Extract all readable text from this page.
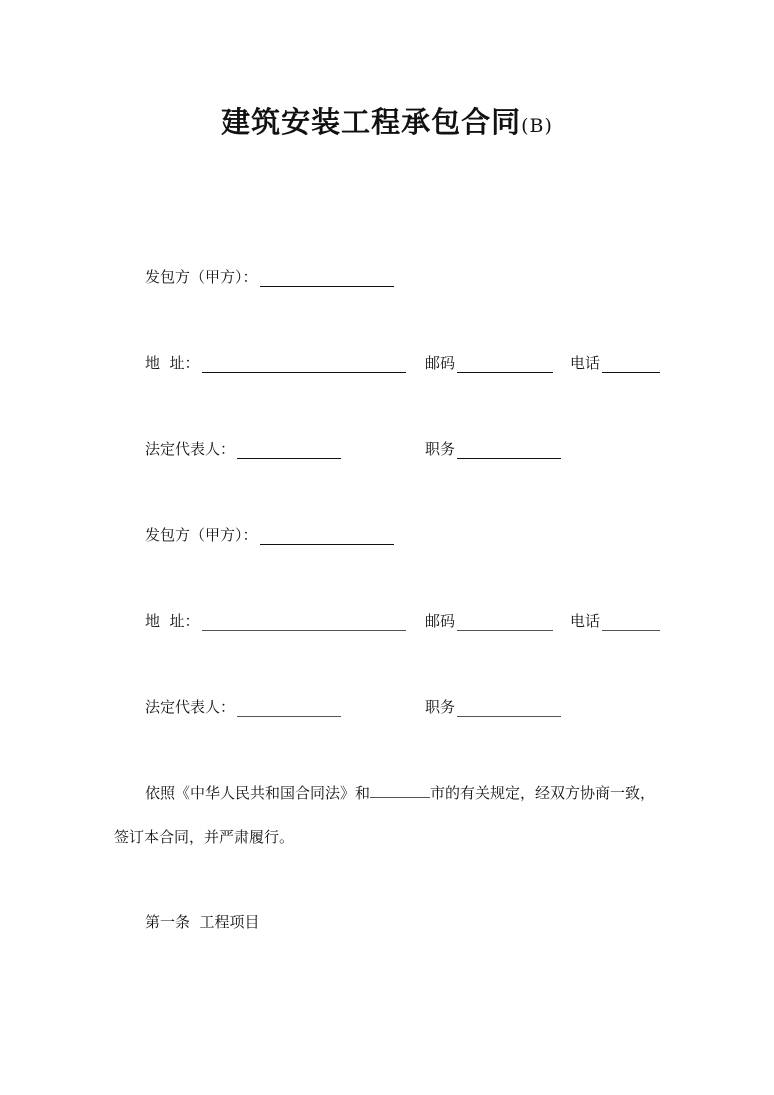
建筑安装工程承包合同(B)
发包方（甲方）：
地  址：	邮码	电话
法定代表人：	职务
发包方（甲方）：
地  址：	邮码	电话
法定代表人：	职务
依照《中华人民共和国合同法》和	市的有关规定，经双方协商一致，
签订本合同，并严肃履行。
第一条  工程项目
